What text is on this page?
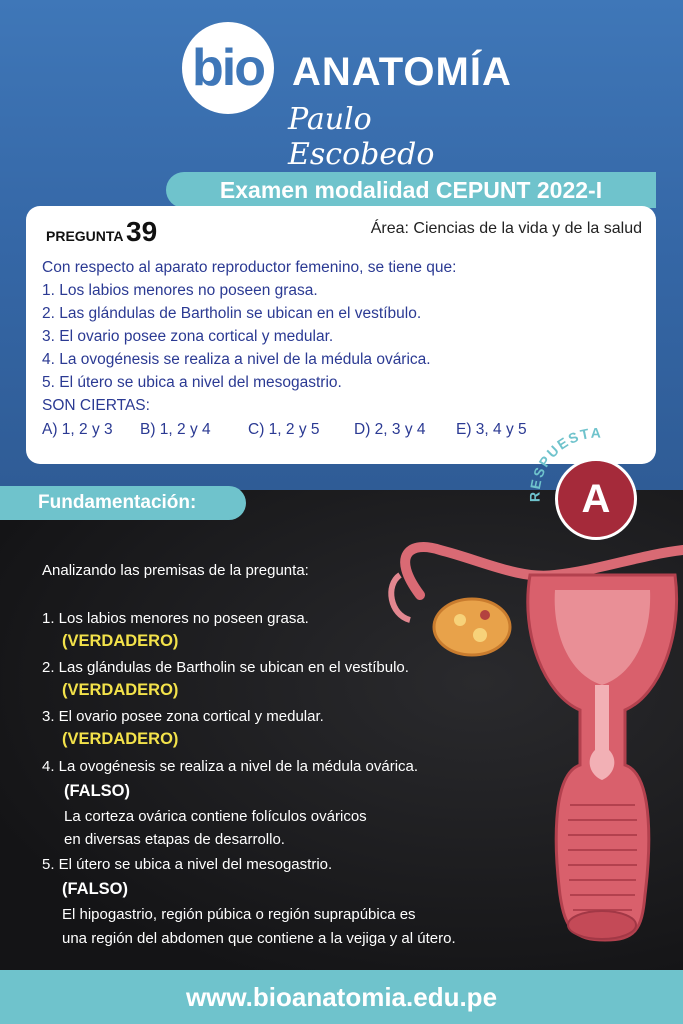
bio ANATOMÍA
Paulo Escobedo
Examen modalidad CEPUNT 2022-I
PREGUNTA 39	Área: Ciencias de la vida y de la salud
Con respecto al aparato reproductor femenino, se tiene que:
1. Los labios menores no poseen grasa.
2. Las glándulas de Bartholin se ubican en el vestíbulo.
3. El ovario posee zona cortical y medular.
4. La ovogénesis se realiza a nivel de la médula ovárica.
5. El útero se ubica a nivel del mesogastrio.
SON CIERTAS:
A) 1, 2 y 3 B) 1, 2 y 4 C) 1, 2 y 5 D) 2, 3 y 4 E) 3, 4 y 5
RESPUESTA
A
Fundamentación:
Analizando las premisas de la pregunta:
1. Los labios menores no poseen grasa.
(VERDADERO)
2. Las glándulas de Bartholin se ubican en el vestíbulo.
(VERDADERO)
3. El ovario posee zona cortical y medular.
(VERDADERO)
4. La ovogénesis se realiza a nivel de la médula ovárica.
(FALSO)
La corteza ovárica contiene folículos ováricos
en diversas etapas de desarrollo.
5. El útero se ubica a nivel del mesogastrio.
(FALSO)
El hipogastrio, región púbica o región suprapúbica es
una región del abdomen que contiene a la vejiga y al útero.
www.bioanatomia.edu.pe
